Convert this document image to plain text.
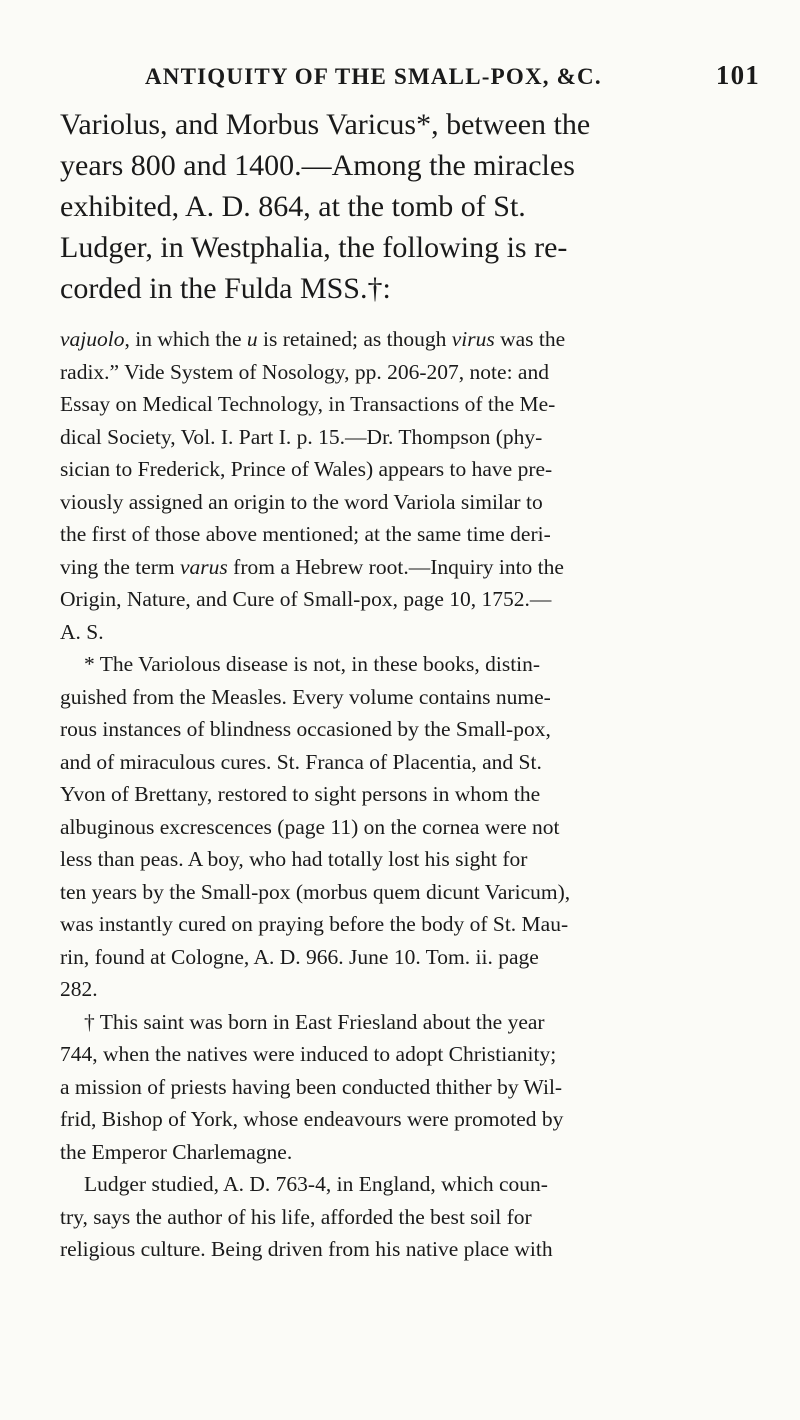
ANTIQUITY OF THE SMALL-POX, &C.	101
Variolus, and Morbus Varicus*, between the
years 800 and 1400.—Among the miracles
exhibited, A. D. 864, at the tomb of St.
Ludger, in Westphalia, the following is re-
corded in the Fulda MSS.†:
vajuolo, in which the u is retained; as though virus was the
radix.” Vide System of Nosology, pp. 206-207, note: and
Essay on Medical Technology, in Transactions of the Me-
dical Society, Vol. I. Part I. p. 15.—Dr. Thompson (phy-
sician to Frederick, Prince of Wales) appears to have pre-
viously assigned an origin to the word Variola similar to
the first of those above mentioned; at the same time deri-
ving the term varus from a Hebrew root.—Inquiry into the
Origin, Nature, and Cure of Small-pox, page 10, 1752.—
A. S.
* The Variolous disease is not, in these books, distin-
guished from the Measles. Every volume contains nume-
rous instances of blindness occasioned by the Small-pox,
and of miraculous cures. St. Franca of Placentia, and St.
Yvon of Brettany, restored to sight persons in whom the
albuginous excrescences (page 11) on the cornea were not
less than peas. A boy, who had totally lost his sight for
ten years by the Small-pox (morbus quem dicunt Varicum),
was instantly cured on praying before the body of St. Mau-
rin, found at Cologne, A. D. 966. June 10. Tom. ii. page
282.
† This saint was born in East Friesland about the year
744, when the natives were induced to adopt Christianity;
a mission of priests having been conducted thither by Wil-
frid, Bishop of York, whose endeavours were promoted by
the Emperor Charlemagne.
Ludger studied, A. D. 763-4, in England, which coun-
try, says the author of his life, afforded the best soil for
religious culture. Being driven from his native place with
